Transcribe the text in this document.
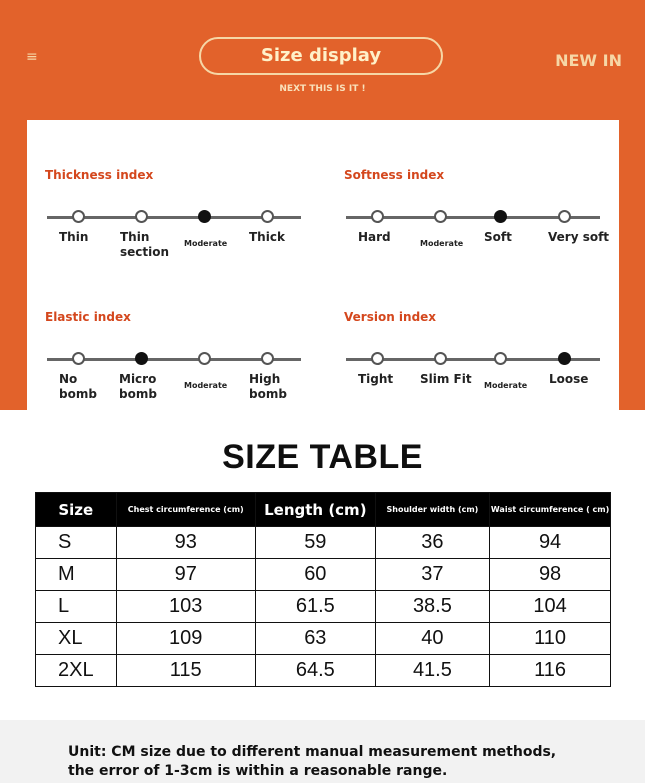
≡	Size display
NEXT THIS IS IT !
NEW IN
Thickness index
Thin	Thin
section
Moderate Thick
Softness index
Hard	Moderate Soft	Very soft
Elastic index
No
bomb
Micro
bomb
Moderate High bomb
Version index
Tight Slim Fit Moderate Loose
SIZE TABLE
Size	Chest circumference (cm)	Length (cm)	Shoulder width (cm)	Waist circumference ( cm)
S	93	59	36	94
M	97	60	37	98
L	103	61.5	38.5	104
XL	109	63	40	110
2XL	115	64.5	41.5	116
Unit: CM size due to different manual measurement methods, the error of 1-3cm is within a reasonable range.
